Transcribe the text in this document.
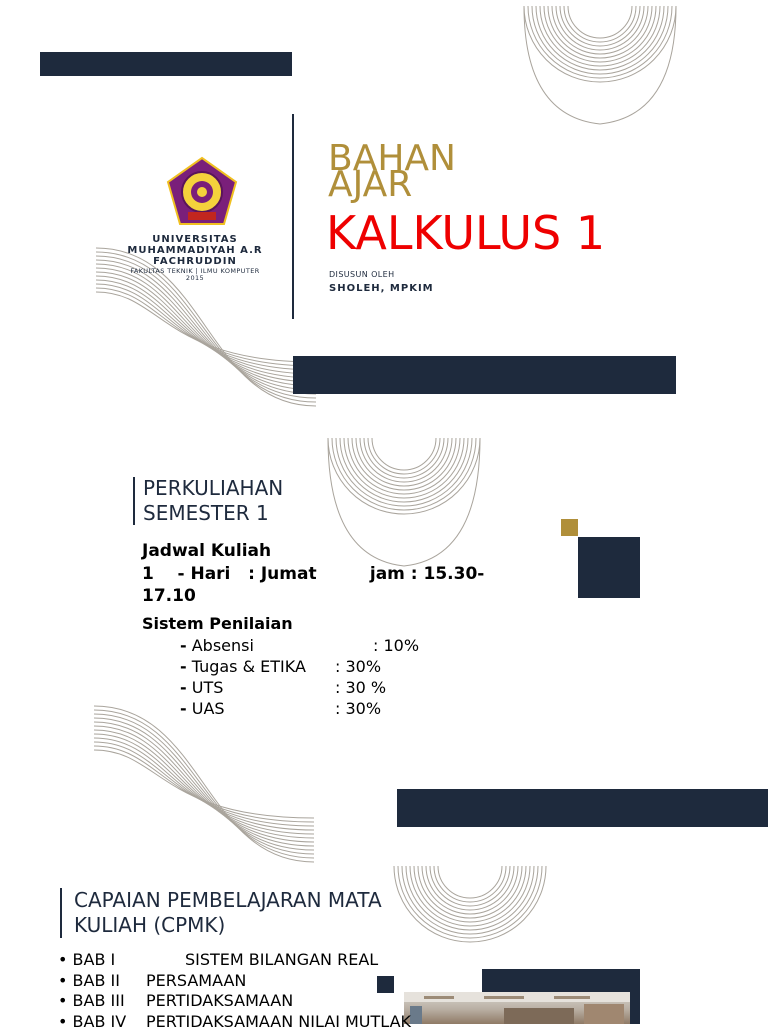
UNIVERSITAS MUHAMMADIYAH A.R FACHRUDDIN
FAKULTAS TEKNIK | ILMU KOMPUTER
2015
BAHAN AJAR
KALKULUS 1
DISUSUN OLEH
SHOLEH, MPKIM
PERKULIAHAN SEMESTER 1
Jadwal Kuliah
1    - Hari   : Jumat         jam : 15.30-
17.10
Sistem Penilaian
- Absensi	: 10%
- Tugas & ETIKA : 30%
- UTS	: 30 %
- UAS	: 30%
CAPAIAN PEMBELAJARAN MATA KULIAH (CPMK)
• BAB I	SISTEM BILANGAN REAL
• BAB II PERSAMAAN
• BAB III PERTIDAKSAMAAN
• BAB IV PERTIDAKSAMAAN NILAI MUTLAK
